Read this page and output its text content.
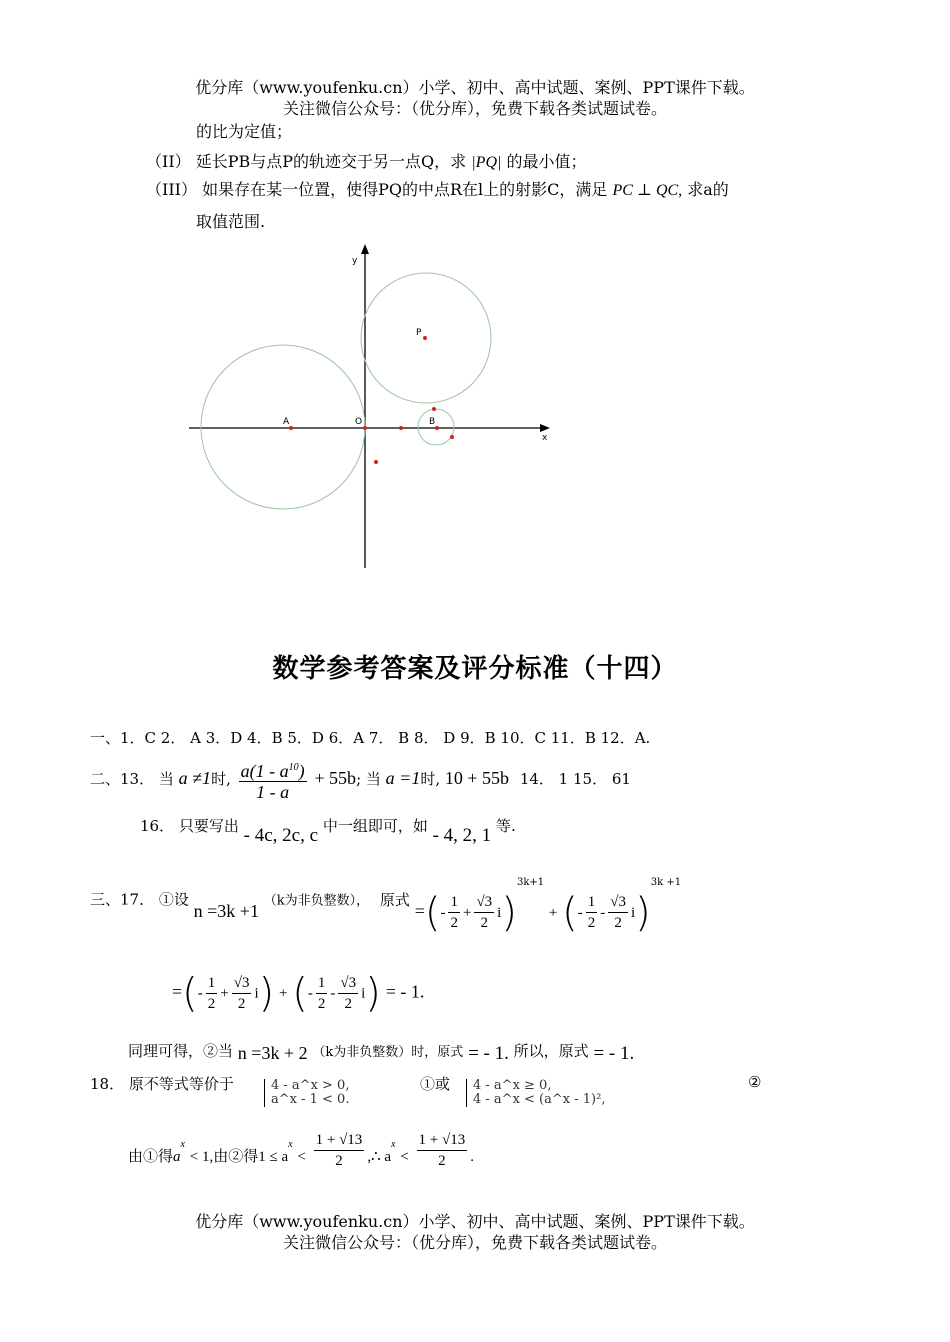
优分库（www.youfenku.cn）小学、初中、高中试题、案例、PPT课件下载。
关注微信公众号：（优分库），免费下载各类试题试卷。
的比为定值；
（II） 延长PB与点P的轨迹交于另一点Q，求 |PQ| 的最小值；
（III） 如果存在某一位置，使得PQ的中点R在l上的射影C，满足 PC ⊥ QC, 求a的
取值范围.
y
x
P
A	O	B
数学参考答案及评分标准（十四）
一、1．C 2． A 3．D 4．B 5．D 6．A 7． B 8． D 9．B 10．C 11．B 12．A.
二、13． 当 a ≠1时, $\frac{a(1 - a^{10})}{1 - a} + 55b$; 当 a =1时, 10 + 55b 14． 1 15． 61
16． 只要写出 - 4c, 2c, c 中一组即可，如 - 4, 2, 1 等.
三、17． ①设 n =3k +1 （k为非负整数）， 原式 =(- $\frac{1}{2} + \frac{√3}{2} i)^{3k+1}$ + (- $\frac{1}{2} - \frac{√3}{2} i)^{3k +1}$
=(- $\frac{1}{2} + \frac{√3}{2} i$) + (- $\frac{1}{2} - \frac{√3}{2} i$) = - 1.
同理可得，②当 n =3k + 2 （k为非负整数）时，原式 = - 1. 所以，原式 = - 1.
18． 原不等式等价于	4 - a^x > 0,
a^x - 1 < 0.
①或 4 - a^x ≥ 0,
4 - a^x < (a^x - 1)²,
②
由①得$a^x < 1$,由②得$1 \le a^x < \frac{1 + √13}{2}$ ,∴ $a^x < \frac{1 + √13}{2}$ .
优分库（www.youfenku.cn）小学、初中、高中试题、案例、PPT课件下载。
关注微信公众号：（优分库），免费下载各类试题试卷。
